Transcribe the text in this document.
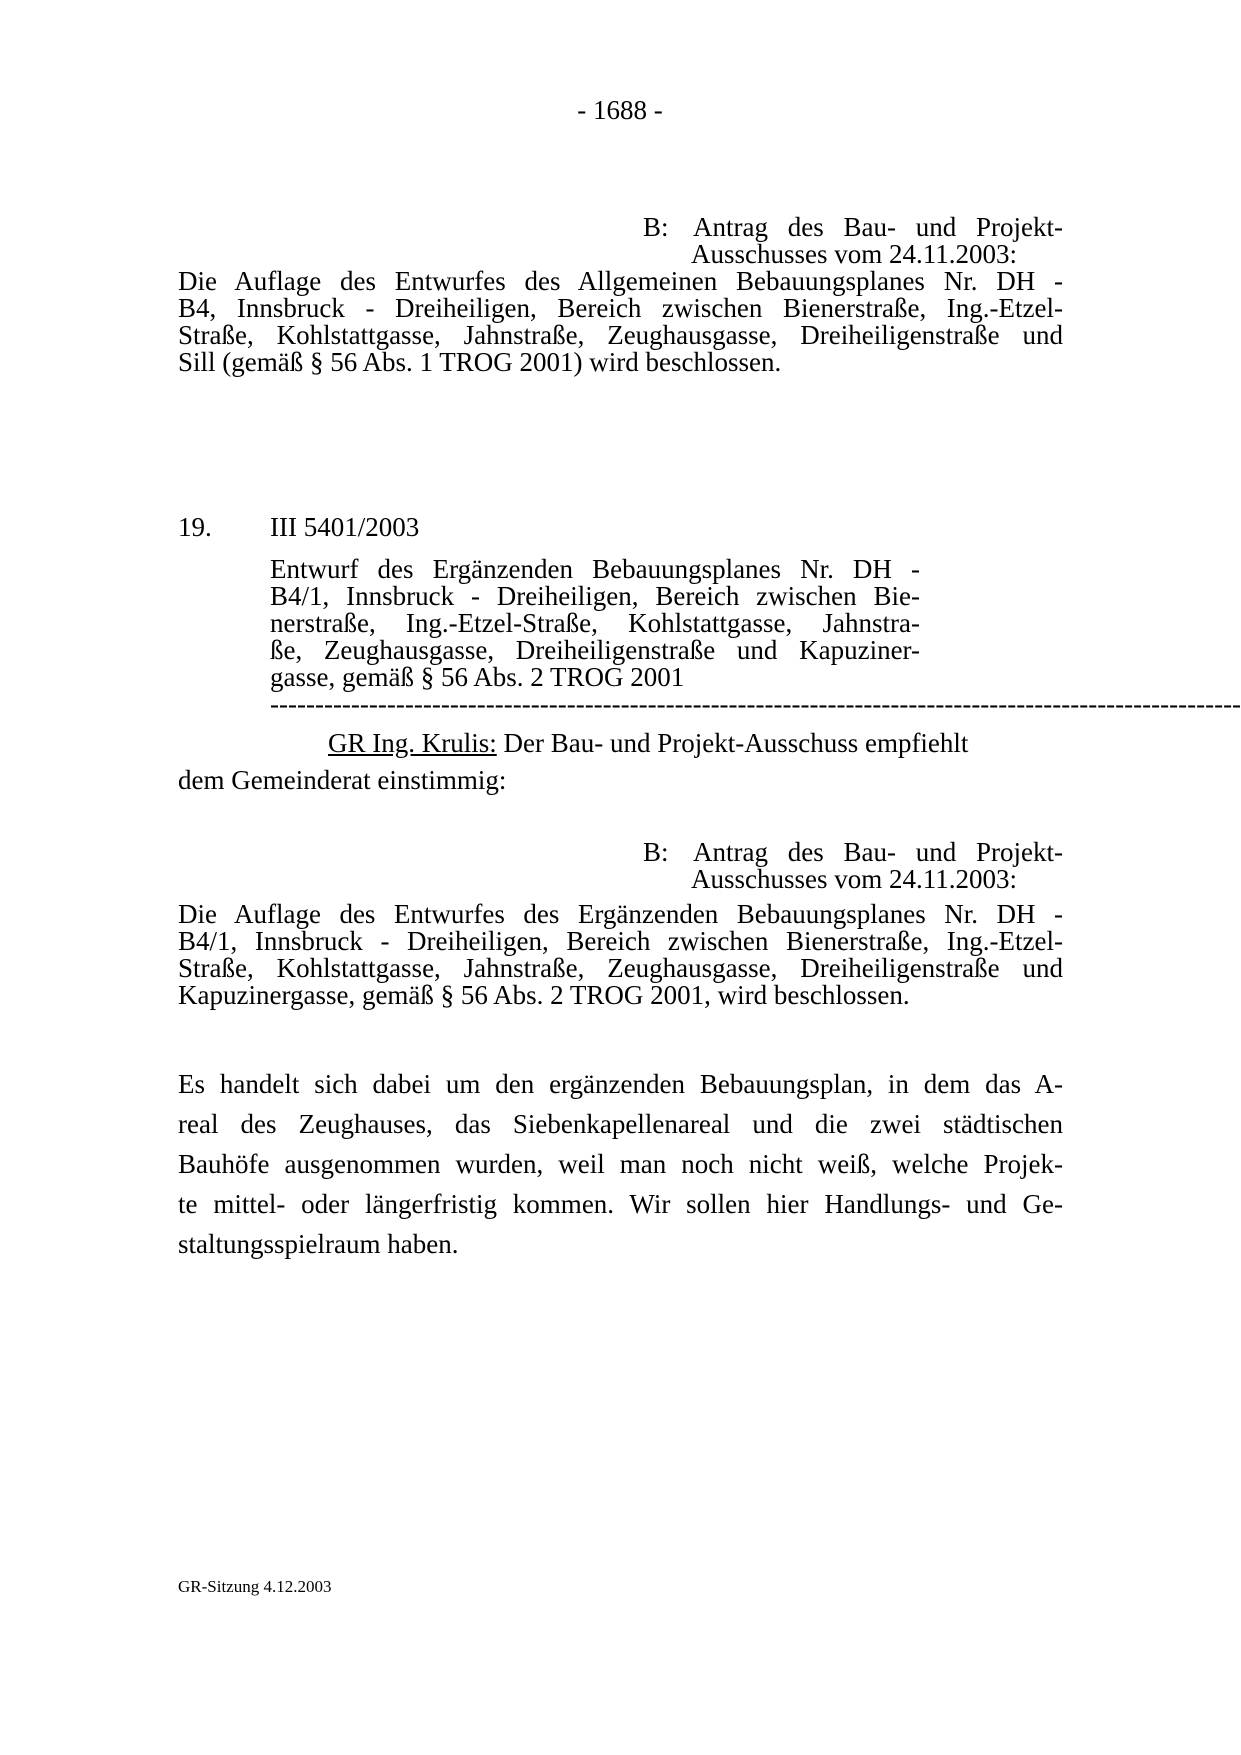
- 1688 -
B: Antrag des Bau- und Projekt-
Ausschusses vom 24.11.2003:
Die Auflage des Entwurfes des Allgemeinen Bebauungsplanes Nr. DH -
B4, Innsbruck - Dreiheiligen, Bereich zwischen Bienerstraße, Ing.-Etzel-
Straße, Kohlstattgasse, Jahnstraße, Zeughausgasse, Dreiheiligenstraße und
Sill (gemäß § 56 Abs. 1 TROG 2001) wird beschlossen.
19. III 5401/2003
Entwurf des Ergänzenden Bebauungsplanes Nr. DH -
B4/1, Innsbruck - Dreiheiligen, Bereich zwischen Bie-
nerstraße, Ing.-Etzel-Straße, Kohlstattgasse, Jahnstra-
ße, Zeughausgasse, Dreiheiligenstraße und Kapuziner-
gasse, gemäß § 56 Abs. 2 TROG 2001
------------------------------------------------------------------------------------------------------------
GR Ing. Krulis: Der Bau- und Projekt-Ausschuss empfiehlt
dem Gemeinderat einstimmig:
B: Antrag des Bau- und Projekt-
Ausschusses vom 24.11.2003:
Die Auflage des Entwurfes des Ergänzenden Bebauungsplanes Nr. DH -
B4/1, Innsbruck - Dreiheiligen, Bereich zwischen Bienerstraße, Ing.-Etzel-
Straße, Kohlstattgasse, Jahnstraße, Zeughausgasse, Dreiheiligenstraße und
Kapuzinergasse, gemäß § 56 Abs. 2 TROG 2001, wird beschlossen.
Es handelt sich dabei um den ergänzenden Bebauungsplan, in dem das A-
real des Zeughauses, das Siebenkapellenareal und die zwei städtischen
Bauhöfe ausgenommen wurden, weil man noch nicht weiß, welche Projek-
te mittel- oder längerfristig kommen. Wir sollen hier Handlungs- und Ge-
staltungsspielraum haben.
GR-Sitzung 4.12.2003
